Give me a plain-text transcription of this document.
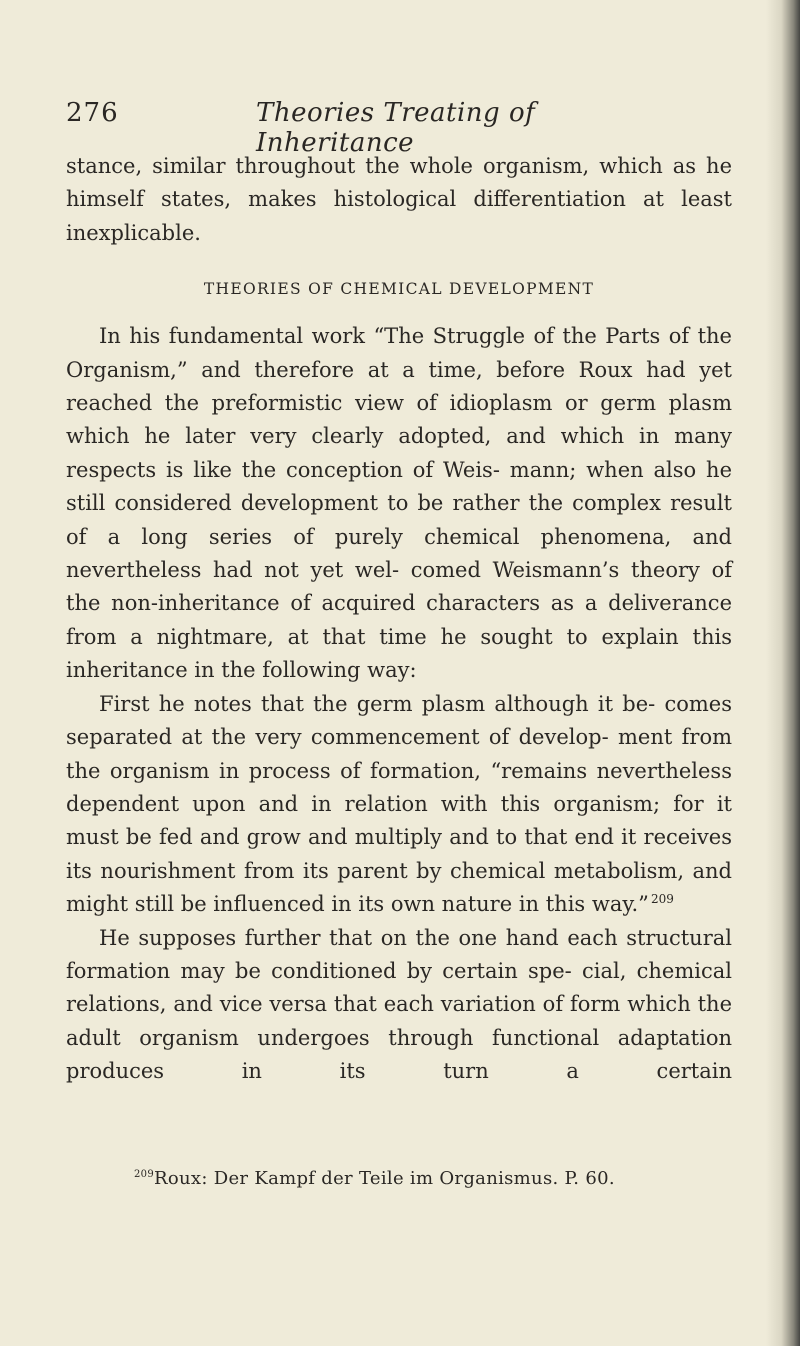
276	Theories Treating of Inheritance

stance, similar throughout the whole organism, which as he himself states, makes histological differentiation at least inexplicable.

THEORIES OF CHEMICAL DEVELOPMENT

In his fundamental work “The Struggle of the Parts of the Organism,” and therefore at a time, before Roux had yet reached the preformistic view of idioplasm or germ plasm which he later very clearly adopted, and which in many respects is like the conception of Weis- mann; when also he still considered development to be rather the complex result of a long series of purely chemical phenomena, and nevertheless had not yet wel- comed Weismann’s theory of the non-inheritance of acquired characters as a deliverance from a nightmare, at that time he sought to explain this inheritance in the following way:

First he notes that the germ plasm although it be- comes separated at the very commencement of develop- ment from the organism in process of formation, “remains nevertheless dependent upon and in relation with this organism; for it must be fed and grow and multiply and to that end it receives its nourishment from its parent by chemical metabolism, and might still be influenced in its own nature in this way.”  $^{209}$

He supposes further that on the one hand each structural formation may be conditioned by certain spe- cial, chemical relations, and vice versa that each variation of form which the adult organism undergoes through functional adaptation produces in its turn a certain

$^{209}$Roux: Der Kampf der Teile im Organismus. P. 60.
